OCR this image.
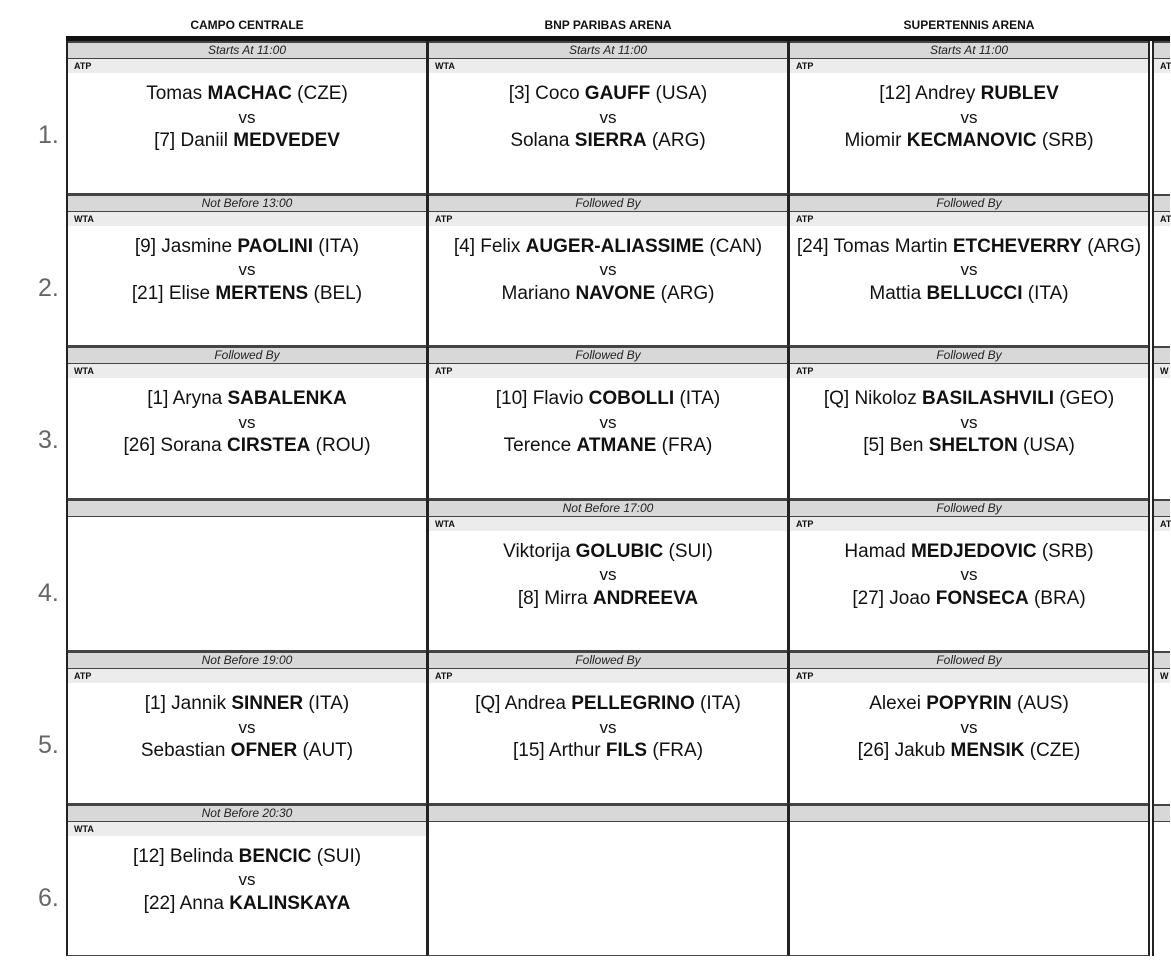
CAMPO CENTRALE	BNP PARIBAS ARENA	SUPERTENNIS ARENA
1.
Starts At 11:00
ATP
Tomas MACHAC (CZE)
vs
[7] Daniil MEDVEDEV
Starts At 11:00
WTA
[3] Coco GAUFF (USA)
vs
Solana SIERRA (ARG)
Starts At 11:00
ATP
[12] Andrey RUBLEV
vs
Miomir KECMANOVIC (SRB)
AT
2.
Not Before 13:00
WTA
[9] Jasmine PAOLINI (ITA)
vs
[21] Elise MERTENS (BEL)
Followed By
ATP
[4] Felix AUGER-ALIASSIME (CAN)
vs
Mariano NAVONE (ARG)
Followed By
ATP
[24] Tomas Martin ETCHEVERRY (ARG)
vs
Mattia BELLUCCI (ITA)
AT
3.
Followed By
WTA
[1] Aryna SABALENKA
vs
[26] Sorana CIRSTEA (ROU)
Followed By
ATP
[10] Flavio COBOLLI (ITA)
vs
Terence ATMANE (FRA)
Followed By
ATP
[Q] Nikoloz BASILASHVILI (GEO)
vs
[5] Ben SHELTON (USA)
W
4.
Not Before 17:00
WTA
Viktorija GOLUBIC (SUI)
vs
[8] Mirra ANDREEVA
Followed By
ATP
Hamad MEDJEDOVIC (SRB)
vs
[27] Joao FONSECA (BRA)
AT
5.
Not Before 19:00
ATP
[1] Jannik SINNER (ITA)
vs
Sebastian OFNER (AUT)
Followed By
ATP
[Q] Andrea PELLEGRINO (ITA)
vs
[15] Arthur FILS (FRA)
Followed By
ATP
Alexei POPYRIN (AUS)
vs
[26] Jakub MENSIK (CZE)
W
6.
Not Before 20:30
WTA
[12] Belinda BENCIC (SUI)
vs
[22] Anna KALINSKAYA
